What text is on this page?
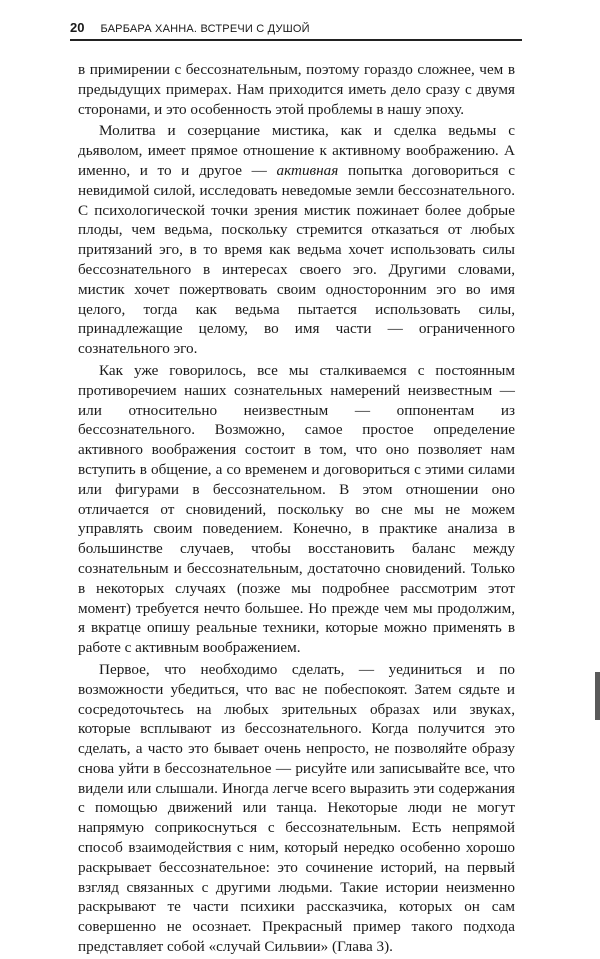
20 БАРБАРА ХАННА. ВСТРЕЧИ С ДУШОЙ

в примирении с бессознательным, поэтому гораздо сложнее, чем в предыдущих примерах. Нам приходится иметь дело сразу с двумя сторонами, и это особенность этой проблемы в нашу эпоху.

Молитва и созерцание мистика, как и сделка ведьмы с дьяволом, имеет прямое отношение к активному воображению. А именно, и то и другое — активная попытка договориться с невидимой силой, исследовать неведомые земли бессознательного. С психологической точки зрения мистик пожинает более добрые плоды, чем ведьма, поскольку стремится отказаться от любых притязаний эго, в то время как ведьма хочет использовать силы бессознательного в интересах своего эго. Другими словами, мистик хочет пожертвовать своим односторонним эго во имя целого, тогда как ведьма пытается использовать силы, принадлежащие целому, во имя части — ограниченного сознательного эго.

Как уже говорилось, все мы сталкиваемся с постоянным противоречием наших сознательных намерений неизвестным — или относительно неизвестным — оппонентам из бессознательного. Возможно, самое простое определение активного воображения состоит в том, что оно позволяет нам вступить в общение, а со временем и договориться с этими силами или фигурами в бессознательном. В этом отношении оно отличается от сновидений, поскольку во сне мы не можем управлять своим поведением. Конечно, в практике анализа в большинстве случаев, чтобы восстановить баланс между сознательным и бессознательным, достаточно сновидений. Только в некоторых случаях (позже мы подробнее рассмотрим этот момент) требуется нечто большее. Но прежде чем мы продолжим, я вкратце опишу реальные техники, которые можно применять в работе с активным воображением.

Первое, что необходимо сделать, — уединиться и по возможности убедиться, что вас не побеспокоят. Затем сядьте и сосредоточьтесь на любых зрительных образах или звуках, которые всплывают из бессознательного. Когда получится это сделать, а часто это бывает очень непросто, не позволяйте образу снова уйти в бессознательное — рисуйте или записывайте все, что видели или слышали. Иногда легче всего выразить эти содержания с помощью движений или танца. Некоторые люди не могут напрямую соприкоснуться с бессознательным. Есть непрямой способ взаимодействия с ним, который нередко особенно хорошо раскрывает бессознательное: это сочинение историй, на первый взгляд связанных с другими людьми. Такие истории неизменно раскрывают те части психики рассказчика, которых он сам совершенно не осознает. Прекрасный пример такого подхода представляет собой «случай Сильвии» (Глава 3).
